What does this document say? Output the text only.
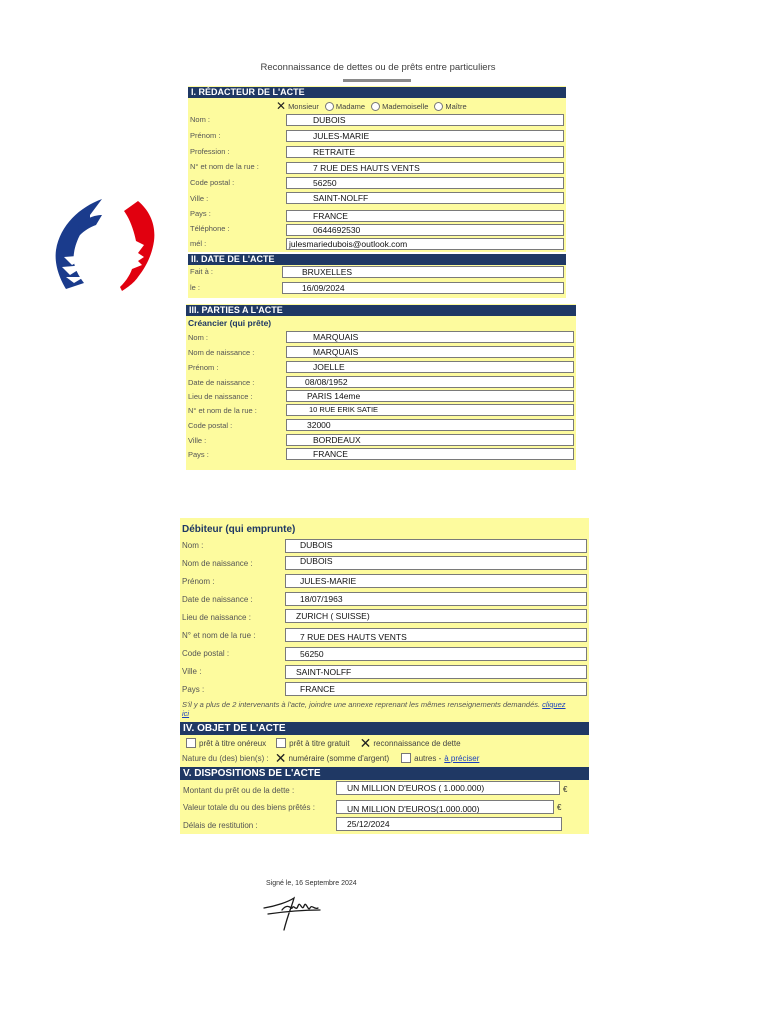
Reconnaissance de dettes ou de prêts entre particuliers
I. RÉDACTEUR DE L'ACTE
✕ Monsieur Madame Mademoiselle Maître
Nom :	DUBOIS
Prénom :	JULES-MARIE
Profession :	RETRAITE
N° et nom de la rue :	7 RUE DES HAUTS VENTS
Code postal :	56250
Ville :	SAINT-NOLFF
Pays :	FRANCE
Téléphone :	0644692530
mél :	julesmariedubois@outlook.com
II. DATE DE L'ACTE
Fait à :	BRUXELLES
le :	16/09/2024
III. PARTIES A L'ACTE
Créancier (qui prête)
Nom :	MARQUAIS
Nom de naissance :	MARQUAIS
Prénom :	JOELLE
Date de naissance :	08/08/1952
Lieu de naissance :	PARIS 14eme
N° et nom de la rue :	10 RUE ERIK SATIE
Code postal :	32000
Ville :	BORDEAUX
Pays :	FRANCE
Débiteur (qui emprunte)
Nom :	DUBOIS
Nom de naissance :	DUBOIS
Prénom :	JULES-MARIE
Date de naissance :	18/07/1963
Lieu de naissance :	ZURICH ( SUISSE)
N° et nom de la rue :	7 RUE DES HAUTS VENTS
Code postal :	56250
Ville :	SAINT-NOLFF
Pays :	FRANCE
S'il y a plus de 2 intervenants à l'acte, joindre une annexe reprenant les mêmes renseignements demandés. cliquez ici
IV. OBJET DE L'ACTE
prêt à titre onéreux	prêt à titre gratuit ✕ reconnaissance de dette
Nature du (des) bien(s) : ✕ numéraire (somme d'argent)	autres - à préciser
V. DISPOSITIONS DE L'ACTE
Montant du prêt ou de la dette :	UN MILLION D'EUROS ( 1.000.000)	€
Valeur totale du ou des biens prêtés :	UN MILLION D'EUROS(1.000.000)	€
Délais de restitution :	25/12/2024
Signé le, 16 Septembre 2024
